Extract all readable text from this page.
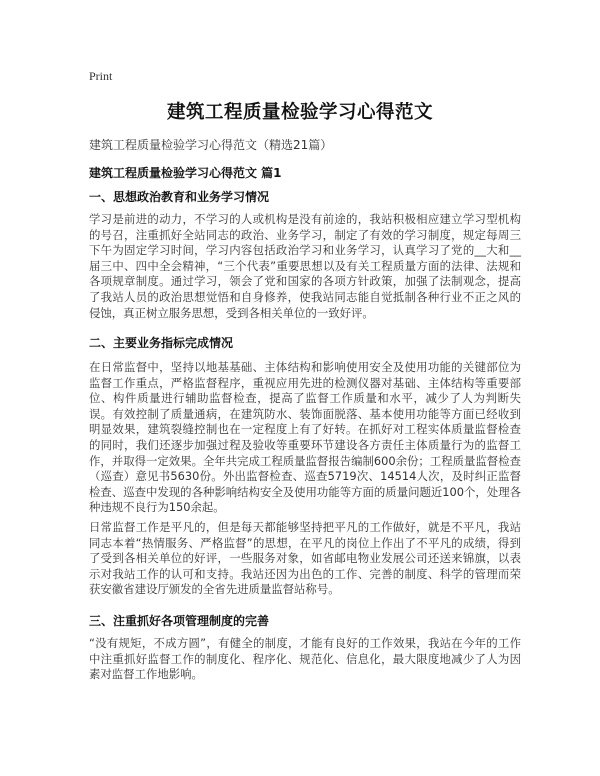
Print
建筑工程质量检验学习心得范文
建筑工程质量检验学习心得范文（精选21篇）
建筑工程质量检验学习心得范文 篇1
一、思想政治教育和业务学习情况
学习是前进的动力，不学习的人或机构是没有前途的，我站积极相应建立学习型机构的号召，注重抓好全站同志的政治、业务学习，制定了有效的学习制度，规定每周三下午为固定学习时间，学习内容包括政治学习和业务学习，认真学习了党的__大和__届三中、四中全会精神，“三个代表”重要思想以及有关工程质量方面的法律、法规和各项规章制度。通过学习，领会了党和国家的各项方针政策，加强了法制观念，提高了我站人员的政治思想觉悟和自身修养，使我站同志能自觉抵制各种行业不正之风的侵蚀，真正树立服务思想，受到各相关单位的一致好评。
二、主要业务指标完成情况
在日常监督中，坚持以地基基础、主体结构和影响使用安全及使用功能的关键部位为监督工作重点，严格监督程序，重视应用先进的检测仪器对基础、主体结构等重要部位、构件质量进行辅助监督检查，提高了监督工作质量和水平，减少了人为判断失误。有效控制了质量通病，在建筑防水、装饰面脱落、基本使用功能等方面已经收到明显效果，建筑裂缝控制也在一定程度上有了好转。在抓好对工程实体质量监督检查的同时，我们还逐步加强过程及验收等重要环节建设各方责任主体质量行为的监督工作，并取得一定效果。全年共完成工程质量监督报告编制600余份；工程质量监督检查（巡查）意见书5630份。外出监督检查、巡查5719次、14514人次，及时纠正监督检查、巡查中发现的各种影响结构安全及使用功能等方面的质量问题近100个，处理各种违规不良行为150余起。
日常监督工作是平凡的，但是每天都能够坚持把平凡的工作做好，就是不平凡，我站同志本着“热情服务、严格监督”的思想，在平凡的岗位上作出了不平凡的成绩，得到了受到各相关单位的好评，一些服务对象，如省邮电物业发展公司还送来锦旗，以表示对我站工作的认可和支持。我站还因为出色的工作、完善的制度、科学的管理而荣获安徽省建设厅颁发的全省先进质量监督站称号。
三、注重抓好各项管理制度的完善
“没有规矩，不成方圆”，有健全的制度，才能有良好的工作效果，我站在今年的工作中注重抓好监督工作的制度化、程序化、规范化、信息化，最大限度地减少了人为因素对监督工作地影响。
